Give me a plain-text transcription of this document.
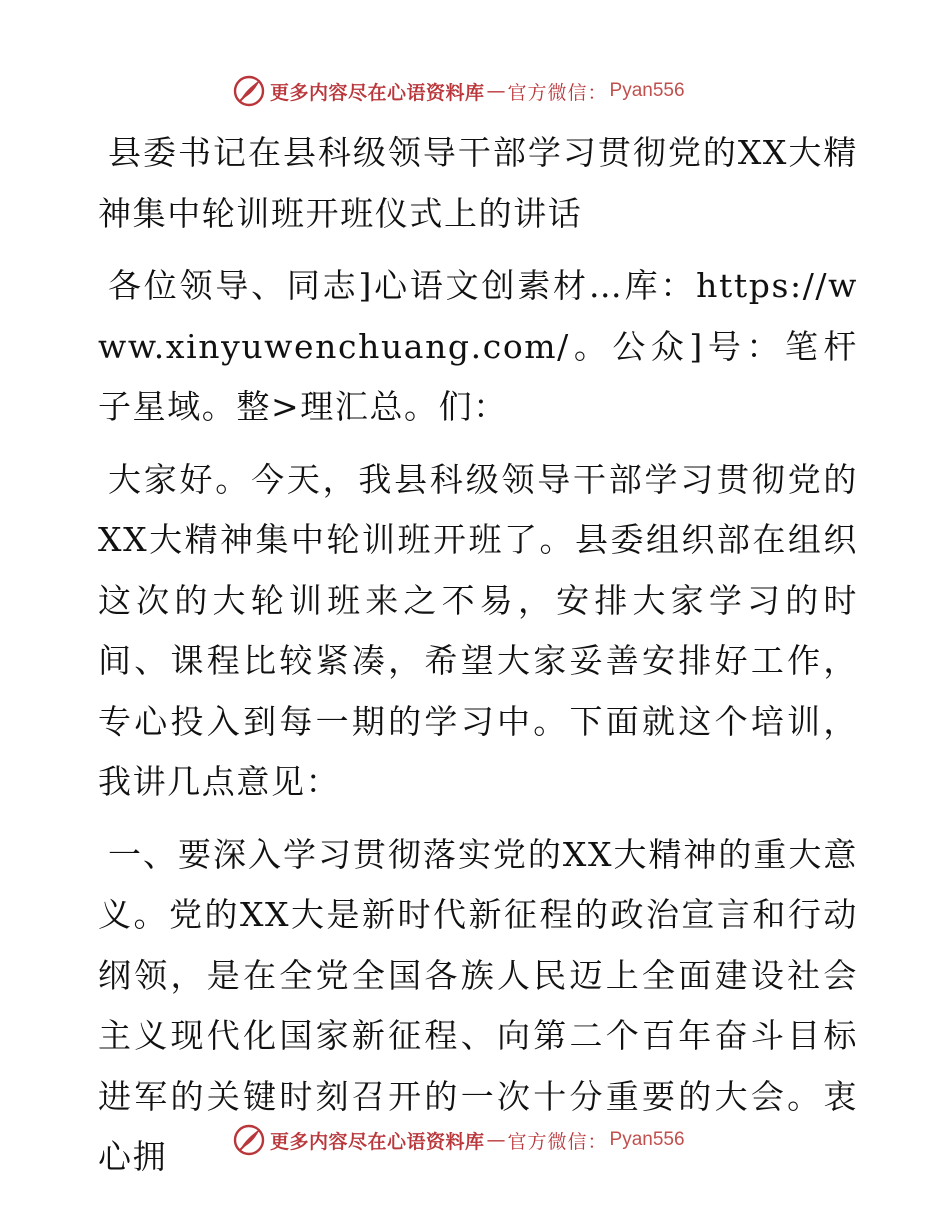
更多内容尽在心语资料库 — 官方微信： Pyan556

县委书记在县科级领导干部学习贯彻党的XX大精神集中轮训班开班仪式上的讲话

各位领导、同志]心语文创素材…库：https://www.xinyuwenchuang.com/。公众]号：笔杆子星域。整>理汇总。们：

大家好。今天，我县科级领导干部学习贯彻党的XX大精神集中轮训班开班了。县委组织部在组织这次的大轮训班来之不易，安排大家学习的时间、课程比较紧凑，希望大家妥善安排好工作，专心投入到每一期的学习中。下面就这个培训，我讲几点意见：

一、要深入学习贯彻落实党的XX大精神的重大意义。党的XX大是新时代新征程的政治宣言和行动纲领，是在全党全国各族人民迈上全面建设社会主义现代化国家新征程、向第二个百年奋斗目标进军的关键时刻召开的一次十分重要的大会。衷心拥	更多内容尽在心语资料库 — 官方微信： Pyan556
